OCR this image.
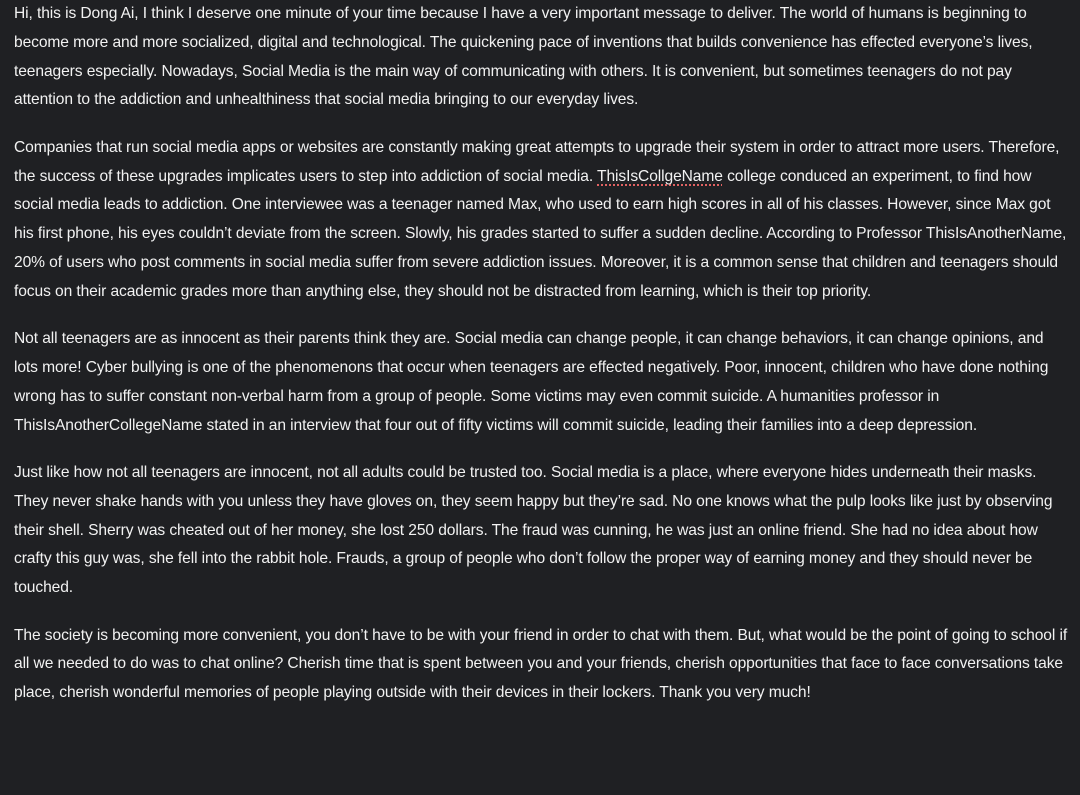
Hi, this is Dong Ai, I think I deserve one minute of your time because I have a very important message to deliver. The world of humans is beginning to become more and more socialized, digital and technological. The quickening pace of inventions that builds convenience has effected everyone’s lives, teenagers especially. Nowadays, Social Media is the main way of communicating with others. It is convenient, but sometimes teenagers do not pay attention to the addiction and unhealthiness that social media bringing to our everyday lives.

Companies that run social media apps or websites are constantly making great attempts to upgrade their system in order to attract more users. Therefore, the success of these upgrades implicates users to step into addiction of social media. ThisIsCollgeName college conduced an experiment, to find how social media leads to addiction. One interviewee was a teenager named Max, who used to earn high scores in all of his classes. However, since Max got his first phone, his eyes couldn’t deviate from the screen. Slowly, his grades started to suffer a sudden decline. According to Professor ThisIsAnotherName, 20% of users who post comments in social media suffer from severe addiction issues. Moreover, it is a common sense that children and teenagers should focus on their academic grades more than anything else, they should not be distracted from learning, which is their top priority.

Not all teenagers are as innocent as their parents think they are. Social media can change people, it can change behaviors, it can change opinions, and lots more! Cyber bullying is one of the phenomenons that occur when teenagers are effected negatively. Poor, innocent, children who have done nothing wrong has to suffer constant non-verbal harm from a group of people. Some victims may even commit suicide. A humanities professor in ThisIsAnotherCollegeName stated in an interview that four out of fifty victims will commit suicide, leading their families into a deep depression.

Just like how not all teenagers are innocent, not all adults could be trusted too. Social media is a place, where everyone hides underneath their masks. They never shake hands with you unless they have gloves on, they seem happy but they’re sad. No one knows what the pulp looks like just by observing their shell. Sherry was cheated out of her money, she lost 250 dollars. The fraud was cunning, he was just an online friend. She had no idea about how crafty this guy was, she fell into the rabbit hole. Frauds, a group of people who don’t follow the proper way of earning money and they should never be touched.

The society is becoming more convenient, you don’t have to be with your friend in order to chat with them. But, what would be the point of going to school if all we needed to do was to chat online? Cherish time that is spent between you and your friends, cherish opportunities that face to face conversations take place, cherish wonderful memories of people playing outside with their devices in their lockers. Thank you very much!
